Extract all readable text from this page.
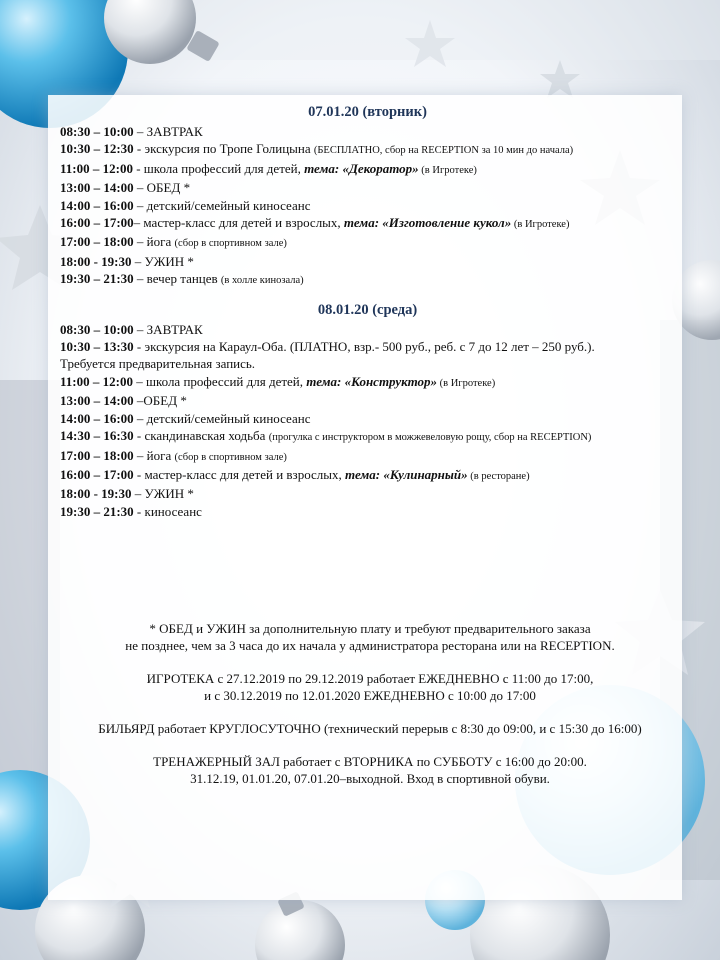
07.01.20 (вторник)
08:30 – 10:00 – ЗАВТРАК
10:30 – 12:30 - экскурсия по Тропе Голицына (БЕСПЛАТНО, сбор на RECEPTION за 10 мин до начала)
11:00 – 12:00 - школа профессий для детей, тема: «Декоратор» (в Игротеке)
13:00 – 14:00 – ОБЕД *
14:00 – 16:00 – детский/семейный киносеанс
16:00 – 17:00– мастер-класс для детей и взрослых, тема: «Изготовление кукол» (в Игротеке)
17:00 – 18:00 – йога (сбор в спортивном зале)
18:00 - 19:30 – УЖИН *
19:30 – 21:30 – вечер танцев (в холле кинозала)
08.01.20 (среда)
08:30 – 10:00 – ЗАВТРАК
10:30 – 13:30 - экскурсия на Караул-Оба. (ПЛАТНО, взр.- 500 руб., реб. с 7 до 12 лет – 250 руб.).
Требуется предварительная запись.
11:00 – 12:00 – школа профессий для детей, тема: «Конструктор» (в Игротеке)
13:00 – 14:00 –ОБЕД *
14:00 – 16:00 – детский/семейный киносеанс
14:30 – 16:30 - скандинавская ходьба (прогулка с инструктором в можжевеловую рощу, сбор на RECEPTION)
17:00 – 18:00 – йога (сбор в спортивном зале)
16:00 – 17:00 - мастер-класс для детей и взрослых, тема: «Кулинарный» (в ресторане)
18:00 - 19:30 – УЖИН *
19:30 – 21:30 - киносеанс

* ОБЕД и УЖИН за дополнительную плату и требуют предварительного заказа
не позднее, чем за 3 часа до их начала у администратора ресторана или на RECEPTION.

ИГРОТЕКА с 27.12.2019 по 29.12.2019 работает ЕЖЕДНЕВНО с 11:00 до 17:00,
и с 30.12.2019 по 12.01.2020 ЕЖЕДНЕВНО с 10:00 до 17:00

БИЛЬЯРД работает КРУГЛОСУТОЧНО (технический перерыв с 8:30 до 09:00, и с 15:30 до 16:00)

ТРЕНАЖЕРНЫЙ ЗАЛ работает с ВТОРНИКА по СУББОТУ с 16:00 до 20:00.
31.12.19, 01.01.20, 07.01.20–выходной. Вход в спортивной обуви.
